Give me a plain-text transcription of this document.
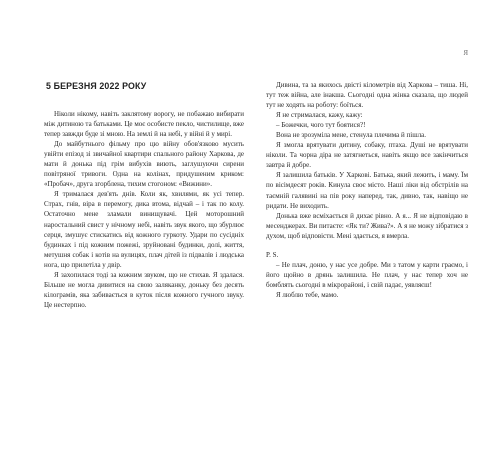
5 БЕРЕЗНЯ 2022 РОКУ

Ніколи нікому, навіть заклятому ворогу, не побажаю вибирати між дитиною та батьками. Це моє особисте пекло, чистилище, вже тепер завжди буде зі мною. На землі й на небі, у війні й у мирі.

До майбутнього фільму про цю війну обов'язково мусить увійти епізод зі звичайної квартири спального району Харкова, де мати й донька під грім вибухів виють, заглушуючи сирени повітряної тривоги. Одна на колінах, придушеним криком: «Пробач», друга згорблена, тихим стогоном: «Вижини».

Я трималася дев'ять днів. Коли як, хвилями, як усі тепер. Страх, гнів, віра в перемогу, дика втома, відчай – і так по колу. Остаточно мене зламали винищувачі. Цей моторошний наростальний свист у нічному небі, навіть звук якого, що збурлює серця, змушує стискатись від кожного гуркоту. Удари по сусідніх будинках і під кожним пожежі, зруйновані будинки, долі, життя, метушня собак і котів на вулицях, плач дітей із підвалів і людська нога, що прилетіла у двір.

Я захопилася тоді за кожним звуком, що не стихав. Я здалася. Більше не могла дивитися на свою заляканку, доньку без десять кілограмів, яка забивається в куток після кожного гучного звуку. Це нестерпно.

Я

Дивина, та за якихось двісті кілометрів від Харкова – тиша. Ні, тут теж війна, але інакша. Сьогодні одна жінка сказала, що людей тут не ходять на роботу: боїться.

Я не стрималася, кажу, кажу:

– Божечки, чого тут боятися?!

Вона не зрозуміла мене, стенула плечима й пішла.

Я змогла врятувати дитину, собаку, птаха. Душі не врятувати ніколи. Та чорна діра не затягнеться, навіть якщо все закінчиться завтра й добре.

Я залишила батьків. У Харкові. Батька, який лежить, і маму. Їм по вісімдесят років. Кинула своє місто. Наші ліки від обстрілів на таємній галявині на пів року наперед, так, дивно, так, навіщо не ридати. Не виходить.

Донька вже всміхається й дихає рівно. А я... Я не відповідаю в месенджерах. Ви питаєте: «Як ти? Жива?». А я не можу зібратися з духом, щоб відповісти. Мені здається, я вмерла.

P. S.

– Не плач, доню, у нас усе добре. Ми з татом у карти граємо, і його щойно в дрянь залишила. Не плач, у нас тепер хоч не бомблять сьогодні в мікрорайоні, і свій падає, уявляєш!

Я люблю тебе, мамо.
